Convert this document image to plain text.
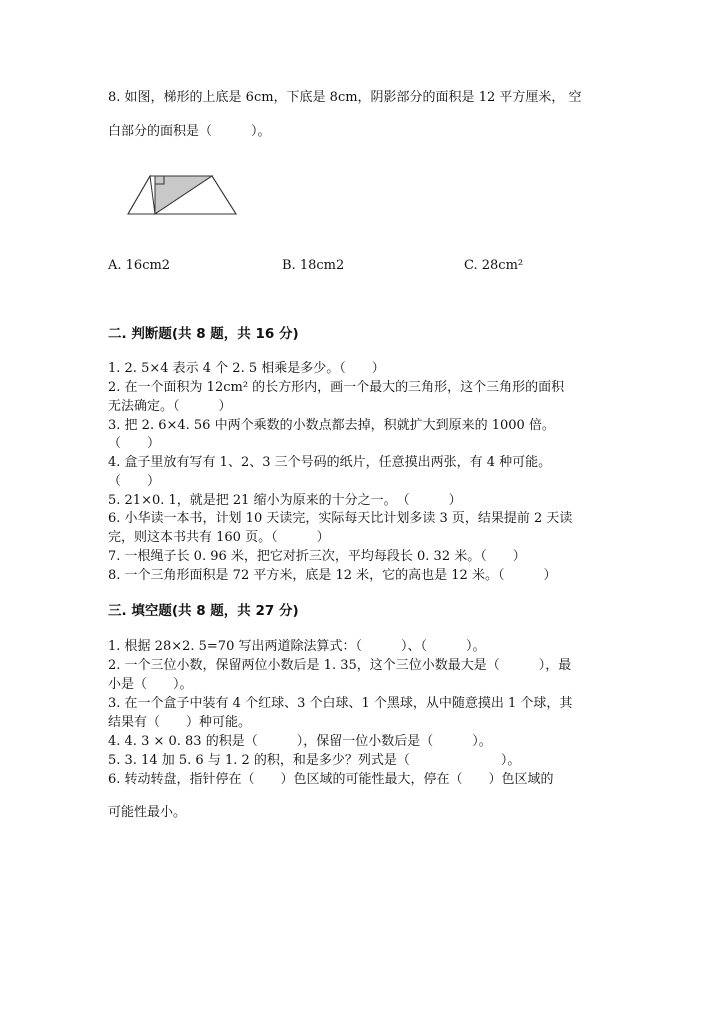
8. 如图，梯形的上底是 6cm，下底是 8cm，阴影部分的面积是 12 平方厘米， 空
白部分的面积是（　　　）。
A. 16cm2	B. 18cm2	C. 28cm²
二. 判断题(共 8 题，共 16 分)
1. 2. 5×4 表示 4 个 2. 5 相乘是多少。（　　）
2. 在一个面积为 12cm² 的长方形内，画一个最大的三角形，这个三角形的面积
无法确定。（　　　）
3. 把 2. 6×4. 56 中两个乘数的小数点都去掉，积就扩大到原来的 1000 倍。
（　　）
4. 盒子里放有写有 1、2、3 三个号码的纸片，任意摸出两张，有 4 种可能。
（　　）
5. 21×0. 1，就是把 21 缩小为原来的十分之一。　（　　　）
6. 小华读一本书，计划 10 天读完，实际每天比计划多读 3 页，结果提前 2 天读
完，则这本书共有 160 页。（　　　）
7. 一根绳子长 0. 96 米，把它对折三次，平均每段长 0. 32 米。（　　）
8. 一个三角形面积是 72 平方米，底是 12 米，它的高也是 12 米。（　　　）
三. 填空题(共 8 题，共 27 分)
1. 根据 28×2. 5=70 写出两道除法算式：（　　　）、（　　　）。
2. 一个三位小数，保留两位小数后是 1. 35，这个三位小数最大是（　　　），最
小是（　　）。
3. 在一个盒子中装有 4 个红球、3 个白球、1 个黑球，从中随意摸出 1 个球，其
结果有（　　）种可能。
4. 4. 3 × 0. 83 的积是（　　　），保留一位小数后是（　　　）。
5. 3. 14 加 5. 6 与 1. 2 的积，和是多少？列式是（　　　　　　　）。
6. 转动转盘，指针停在（　　）色区域的可能性最大，停在（　　）色区域的
可能性最小。
